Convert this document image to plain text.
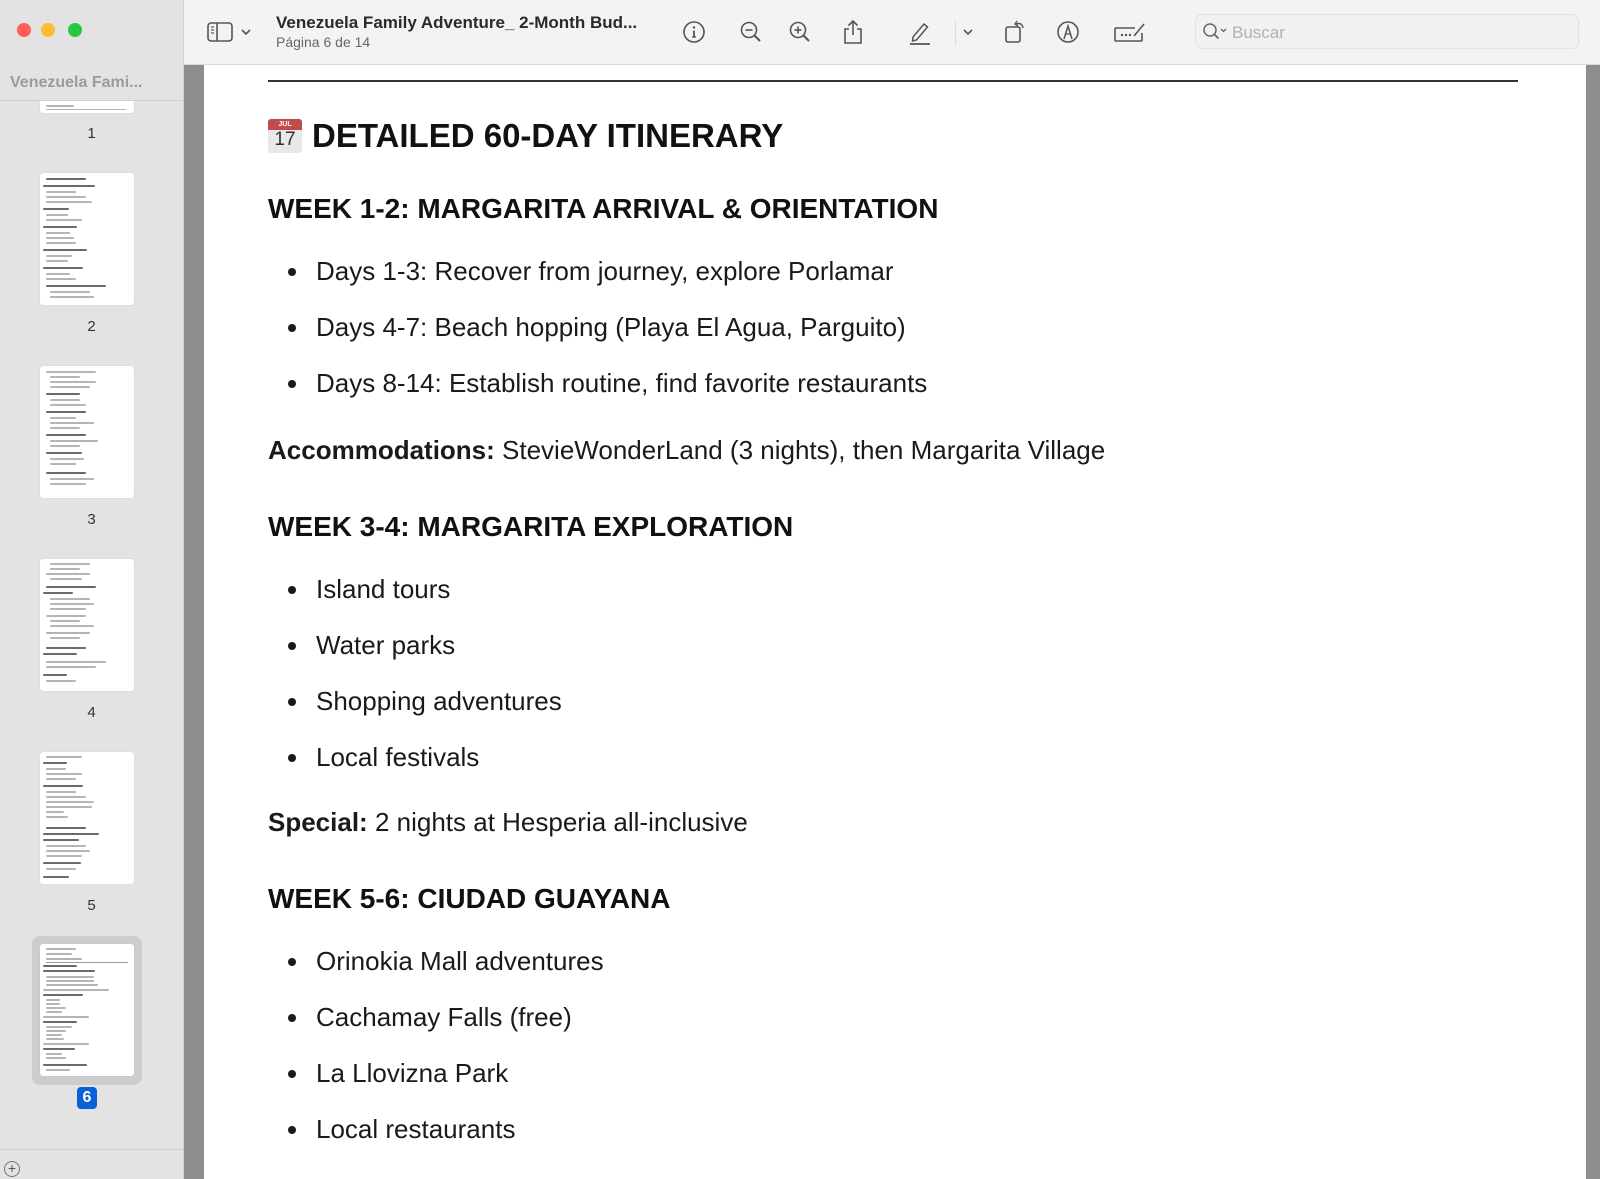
Venezuela Fami...
1
2
3
4
5
6
+
Venezuela Family Adventure_ 2-Month Bud...
Página 6 de 14
Buscar
JUL
17 DETAILED 60-DAY ITINERARY
WEEK 1-2: MARGARITA ARRIVAL & ORIENTATION
Days 1-3: Recover from journey, explore Porlamar
Days 4-7: Beach hopping (Playa El Agua, Parguito)
Days 8-14: Establish routine, find favorite restaurants
Accommodations: StevieWonderLand (3 nights), then Margarita Village
WEEK 3-4: MARGARITA EXPLORATION
Island tours
Water parks
Shopping adventures
Local festivals
Special: 2 nights at Hesperia all-inclusive
WEEK 5-6: CIUDAD GUAYANA
Orinokia Mall adventures
Cachamay Falls (free)
La Llovizna Park
Local restaurants
